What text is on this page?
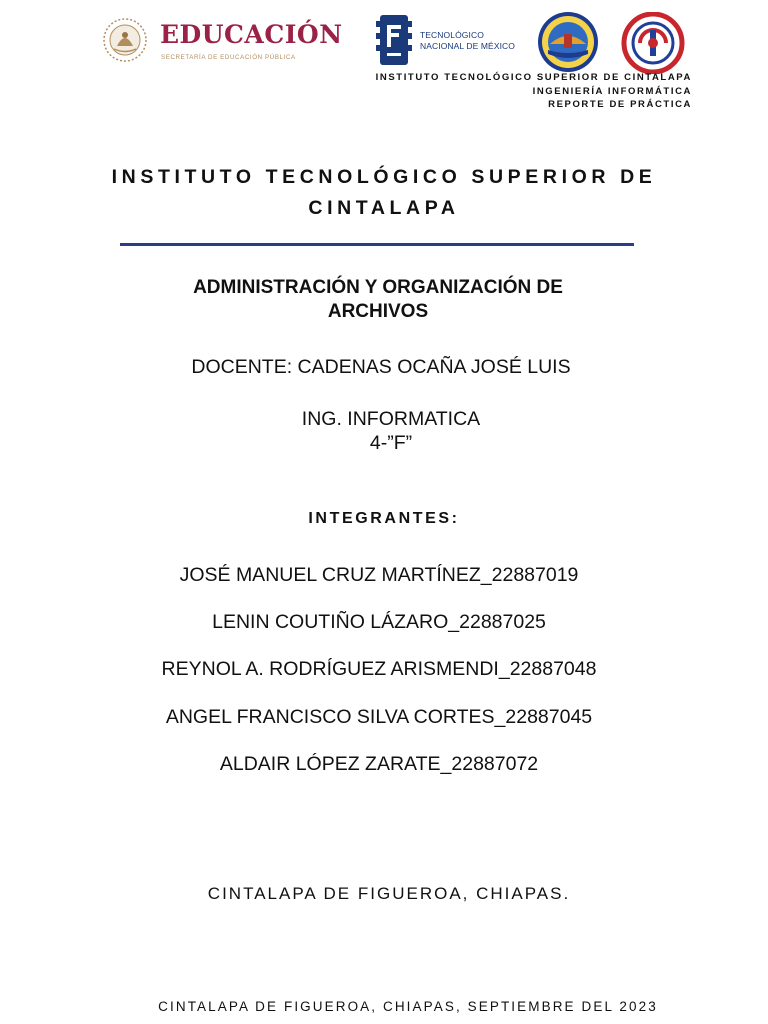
EDUCACIÓN
SECRETARÍA DE EDUCACIÓN PÚBLICA
TECNOLÓGICO
NACIONAL DE MÉXICO
INSTITUTO TECNOLÓGICO SUPERIOR DE CINTALAPA
INGENIERÍA INFORMÁTICA
REPORTE DE PRÁCTICA
INSTITUTO TECNOLÓGICO SUPERIOR DE
CINTALAPA
ADMINISTRACIÓN Y ORGANIZACIÓN DE
ARCHIVOS
DOCENTE: CADENAS OCAÑA JOSÉ LUIS
ING. INFORMATICA
4-”F”
INTEGRANTES:
JOSÉ MANUEL CRUZ MARTÍNEZ_22887019
LENIN COUTIÑO LÁZARO_22887025
REYNOL A. RODRÍGUEZ ARISMENDI_22887048
ANGEL FRANCISCO SILVA CORTES_22887045
ALDAIR LÓPEZ ZARATE_22887072
CINTALAPA DE FIGUEROA, CHIAPAS.
CINTALAPA DE FIGUEROA, CHIAPAS, SEPTIEMBRE DEL 2023
